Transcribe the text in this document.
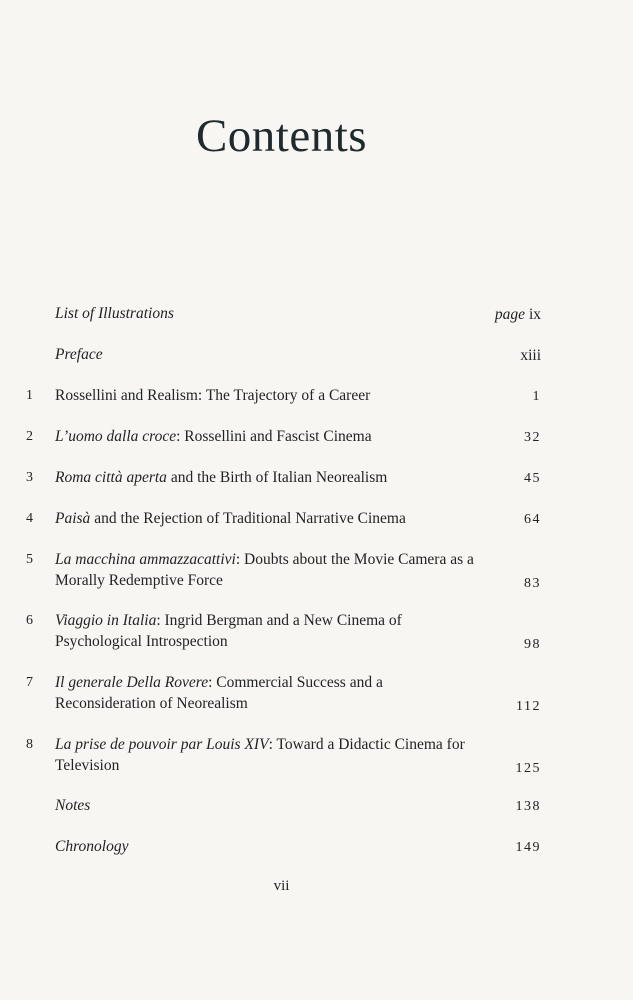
Contents
List of Illustrations	page ix
Preface	xiii
1	Rossellini and Realism: The Trajectory of a Career	1
2	L’uomo dalla croce: Rossellini and Fascist Cinema	32
3	Roma città aperta and the Birth of Italian Neorealism	45
4	Paisà and the Rejection of Traditional Narrative Cinema	64
5	La macchina ammazzacattivi: Doubts about the Movie Camera as a Morally Redemptive Force	83
6	Viaggio in Italia: Ingrid Bergman and a New Cinema of Psychological Introspection	98
7	Il generale Della Rovere: Commercial Success and a Reconsideration of Neorealism	112
8	La prise de pouvoir par Louis XIV: Toward a Didactic Cinema for Television	125
Notes	138
Chronology	149
vii
